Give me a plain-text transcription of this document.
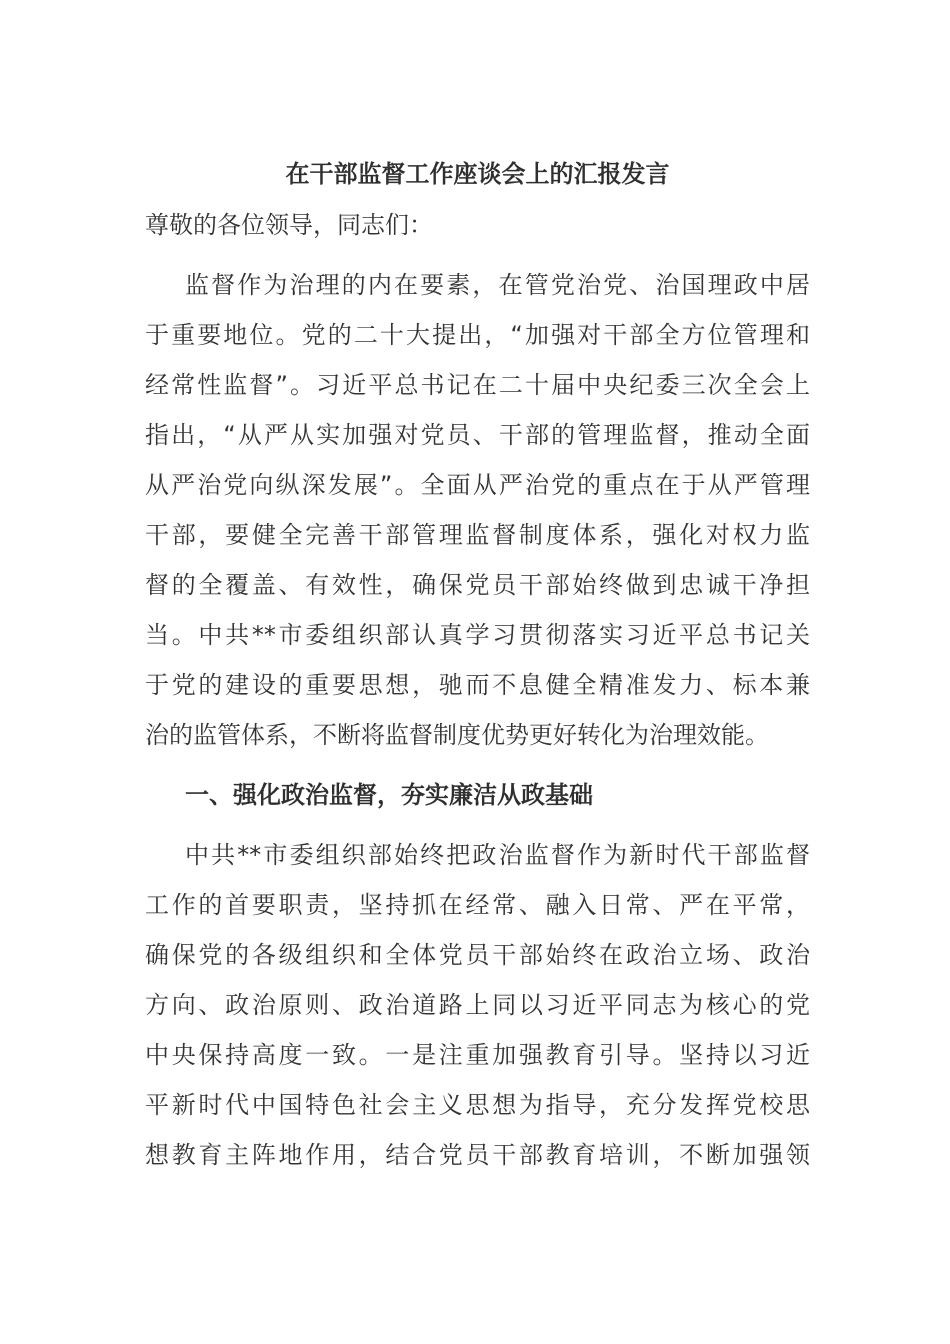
在干部监督工作座谈会上的汇报发言

尊敬的各位领导，同志们：

监督作为治理的内在要素，在管党治党、治国理政中居
于重要地位。党的二十大提出，“加强对干部全方位管理和
经常性监督”。习近平总书记在二十届中央纪委三次全会上
指出，“从严从实加强对党员、干部的管理监督，推动全面
从严治党向纵深发展”。全面从严治党的重点在于从严管理
干部，要健全完善干部管理监督制度体系，强化对权力监
督的全覆盖、有效性，确保党员干部始终做到忠诚干净担
当。中共**市委组织部认真学习贯彻落实习近平总书记关
于党的建设的重要思想，驰而不息健全精准发力、标本兼
治的监管体系，不断将监督制度优势更好转化为治理效能。
一、强化政治监督，夯实廉洁从政基础
中共**市委组织部始终把政治监督作为新时代干部监督
工作的首要职责，坚持抓在经常、融入日常、严在平常，
确保党的各级组织和全体党员干部始终在政治立场、政治
方向、政治原则、政治道路上同以习近平同志为核心的党
中央保持高度一致。一是注重加强教育引导。坚持以习近
平新时代中国特色社会主义思想为指导，充分发挥党校思
想教育主阵地作用，结合党员干部教育培训，不断加强领
